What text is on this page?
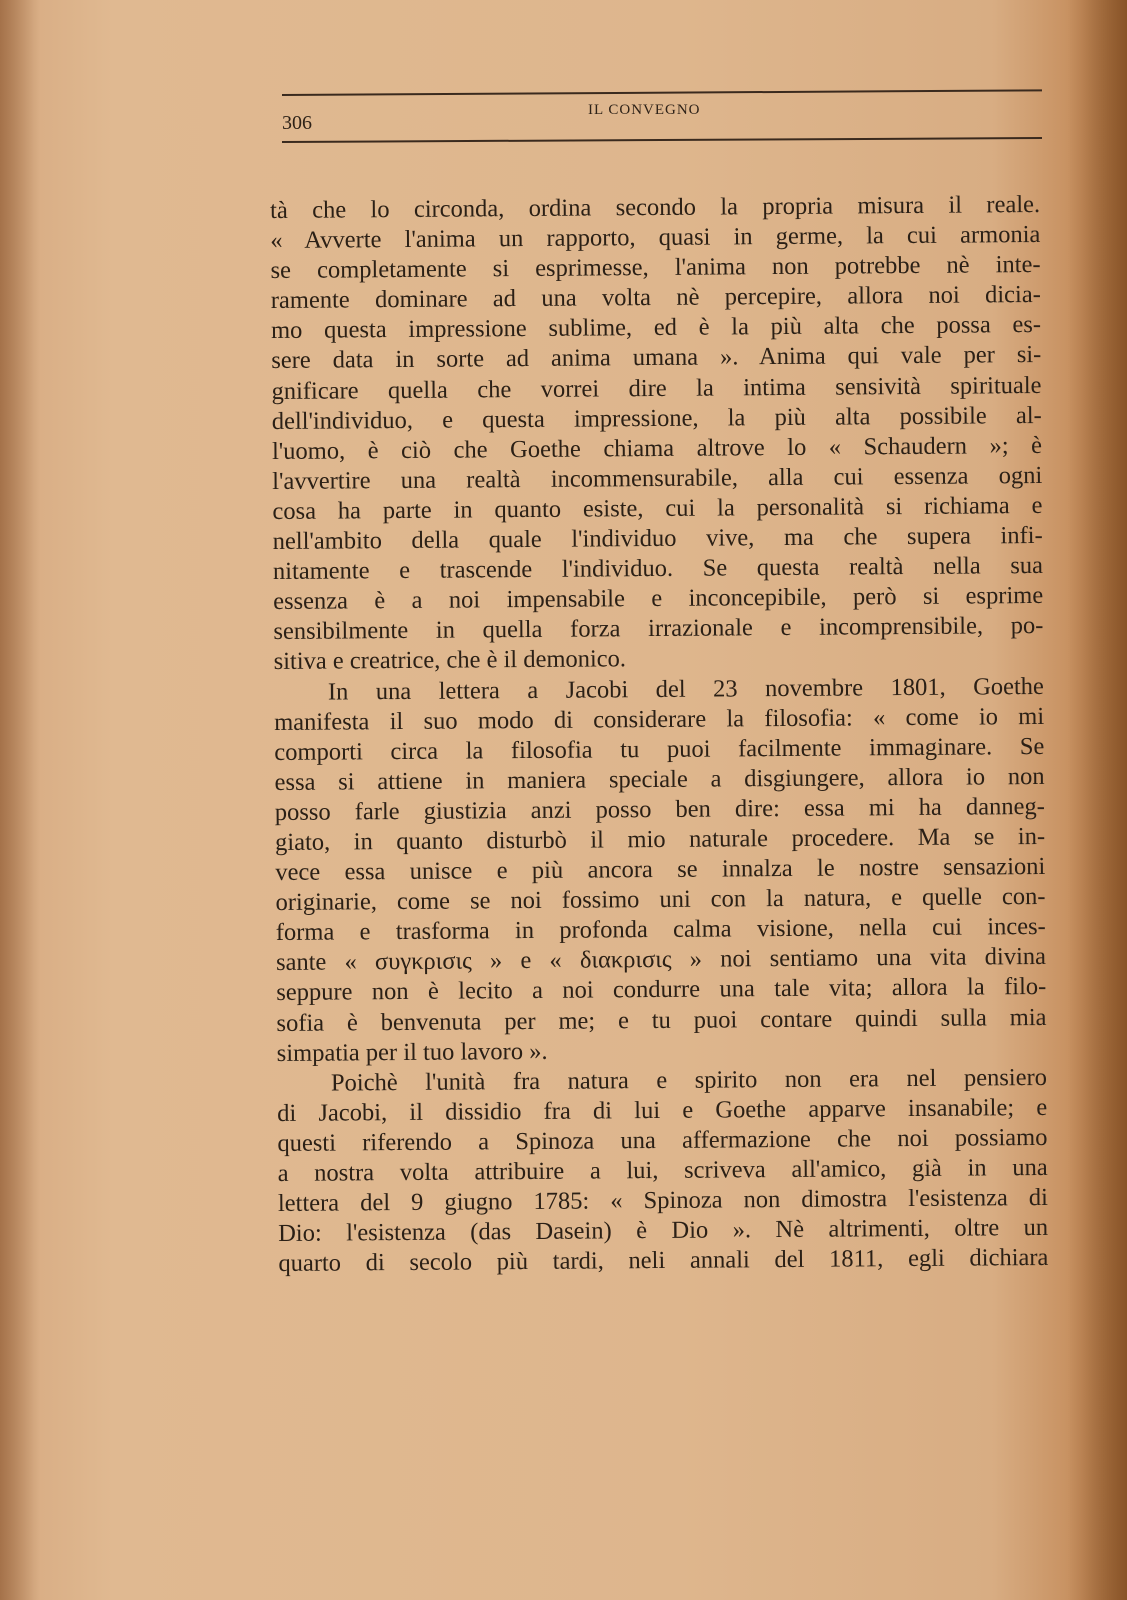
306
IL CONVEGNO
tà che lo circonda, ordina secondo la propria misura il reale.
« Avverte l'anima un rapporto, quasi in germe, la cui armonia
se completamente si esprimesse, l'anima non potrebbe nè inte-
ramente dominare ad una volta nè percepire, allora noi dicia-
mo questa impressione sublime, ed è la più alta che possa es-
sere data in sorte ad anima umana ». Anima qui vale per si-
gnificare quella che vorrei dire la intima sensività spirituale
dell'individuo, e questa impressione, la più alta possibile al-
l'uomo, è ciò che Goethe chiama altrove lo « Schaudern »; è
l'avvertire una realtà incommensurabile, alla cui essenza ogni
cosa ha parte in quanto esiste, cui la personalità si richiama e
nell'ambito della quale l'individuo vive, ma che supera infi-
nitamente e trascende l'individuo. Se questa realtà nella sua
essenza è a noi impensabile e inconcepibile, però si esprime
sensibilmente in quella forza irrazionale e incomprensibile, po-
sitiva e creatrice, che è il demonico.
In una lettera a Jacobi del 23 novembre 1801, Goethe
manifesta il suo modo di considerare la filosofia: « come io mi
comporti circa la filosofia tu puoi facilmente immaginare. Se
essa si attiene in maniera speciale a disgiungere, allora io non
posso farle giustizia anzi posso ben dire: essa mi ha danneg-
giato, in quanto disturbò il mio naturale procedere. Ma se in-
vece essa unisce e più ancora se innalza le nostre sensazioni
originarie, come se noi fossimo uni con la natura, e quelle con-
forma e trasforma in profonda calma visione, nella cui inces-
sante « συγκρισις » e « διακρισις » noi sentiamo una vita divina
seppure non è lecito a noi condurre una tale vita; allora la filo-
sofia è benvenuta per me; e tu puoi contare quindi sulla mia
simpatia per il tuo lavoro ».
Poichè l'unità fra natura e spirito non era nel pensiero
di Jacobi, il dissidio fra di lui e Goethe apparve insanabile; e
questi riferendo a Spinoza una affermazione che noi possiamo
a nostra volta attribuire a lui, scriveva all'amico, già in una
lettera del 9 giugno 1785: « Spinoza non dimostra l'esistenza di
Dio: l'esistenza (das Dasein) è Dio ». Nè altrimenti, oltre un
quarto di secolo più tardi, neli annali del 1811, egli dichiara
